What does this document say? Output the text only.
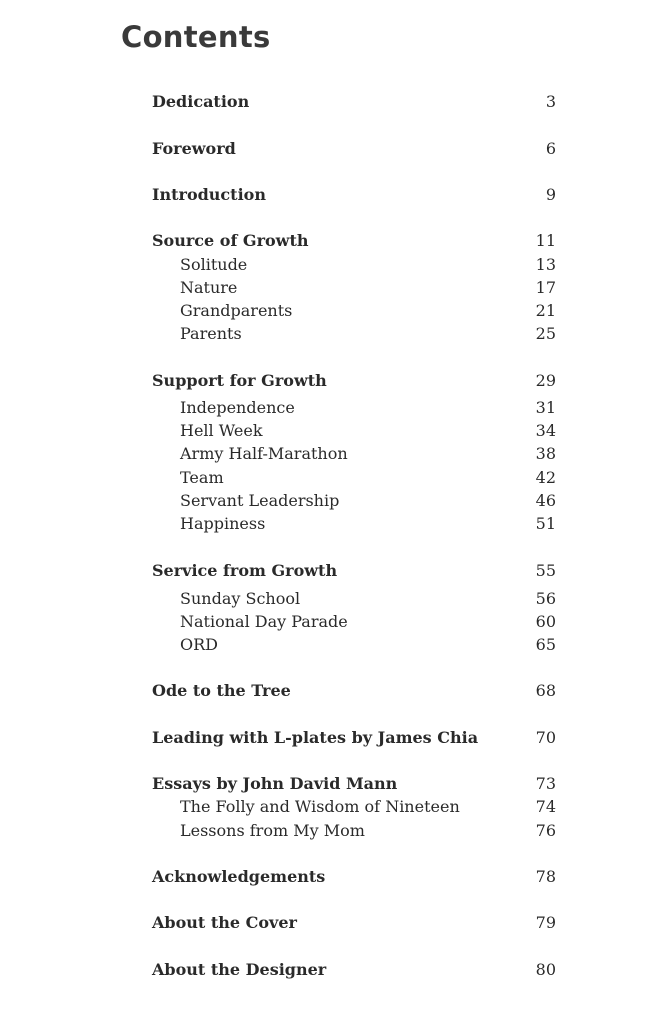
Contents
Dedication	3
Foreword	6
Introduction	9
Source of Growth	11
Solitude	13
Nature	17
Grandparents	21
Parents	25
Support for Growth	29
Independence	31
Hell Week	34
Army Half-Marathon	38
Team	42
Servant Leadership	46
Happiness	51
Service from Growth	55
Sunday School	56
National Day Parade	60
ORD	65
Ode to the Tree	68
Leading with L-plates by James Chia	70
Essays by John David Mann	73
The Folly and Wisdom of Nineteen	74
Lessons from My Mom	76
Acknowledgements	78
About the Cover	79
About the Designer	80
